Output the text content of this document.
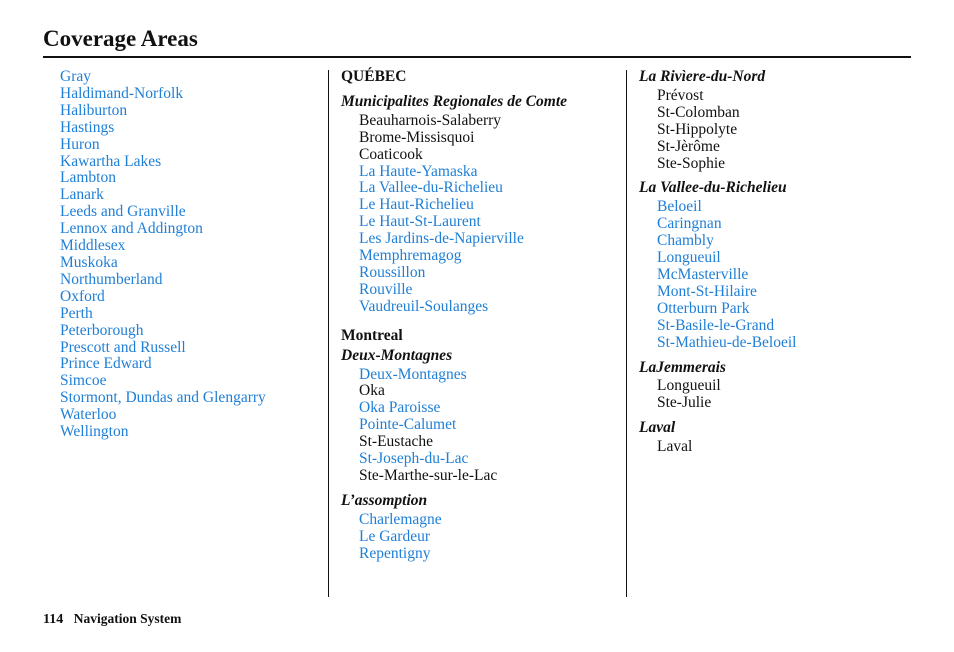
Coverage Areas
Gray
Haldimand-Norfolk
Haliburton
Hastings
Huron
Kawartha Lakes
Lambton
Lanark
Leeds and Granville
Lennox and Addington
Middlesex
Muskoka
Northumberland
Oxford
Perth
Peterborough
Prescott and Russell
Prince Edward
Simcoe
Stormont, Dundas and Glengarry
Waterloo
Wellington
QUÉBEC
Municipalites Regionales de Comte
Beauharnois-Salaberry
Brome-Missisquoi
Coaticook
La Haute-Yamaska
La Vallee-du-Richelieu
Le Haut-Richelieu
Le Haut-St-Laurent
Les Jardins-de-Napierville
Memphremagog
Roussillon
Rouville
Vaudreuil-Soulanges
Montreal
Deux-Montagnes
Deux-Montagnes
Oka
Oka Paroisse
Pointe-Calumet
St-Eustache
St-Joseph-du-Lac
Ste-Marthe-sur-le-Lac
L’assomption
Charlemagne
Le Gardeur
Repentigny
La Rivìere-du-Nord
Prévost
St-Colomban
St-Hippolyte
St-Jèrôme
Ste-Sophie
La Vallee-du-Richelieu
Beloeil
Caringnan
Chambly
Longueuil
McMasterville
Mont-St-Hilaire
Otterburn Park
St-Basile-le-Grand
St-Mathieu-de-Beloeil
LaJemmerais
Longueuil
Ste-Julie
Laval
Laval
114 Navigation System
